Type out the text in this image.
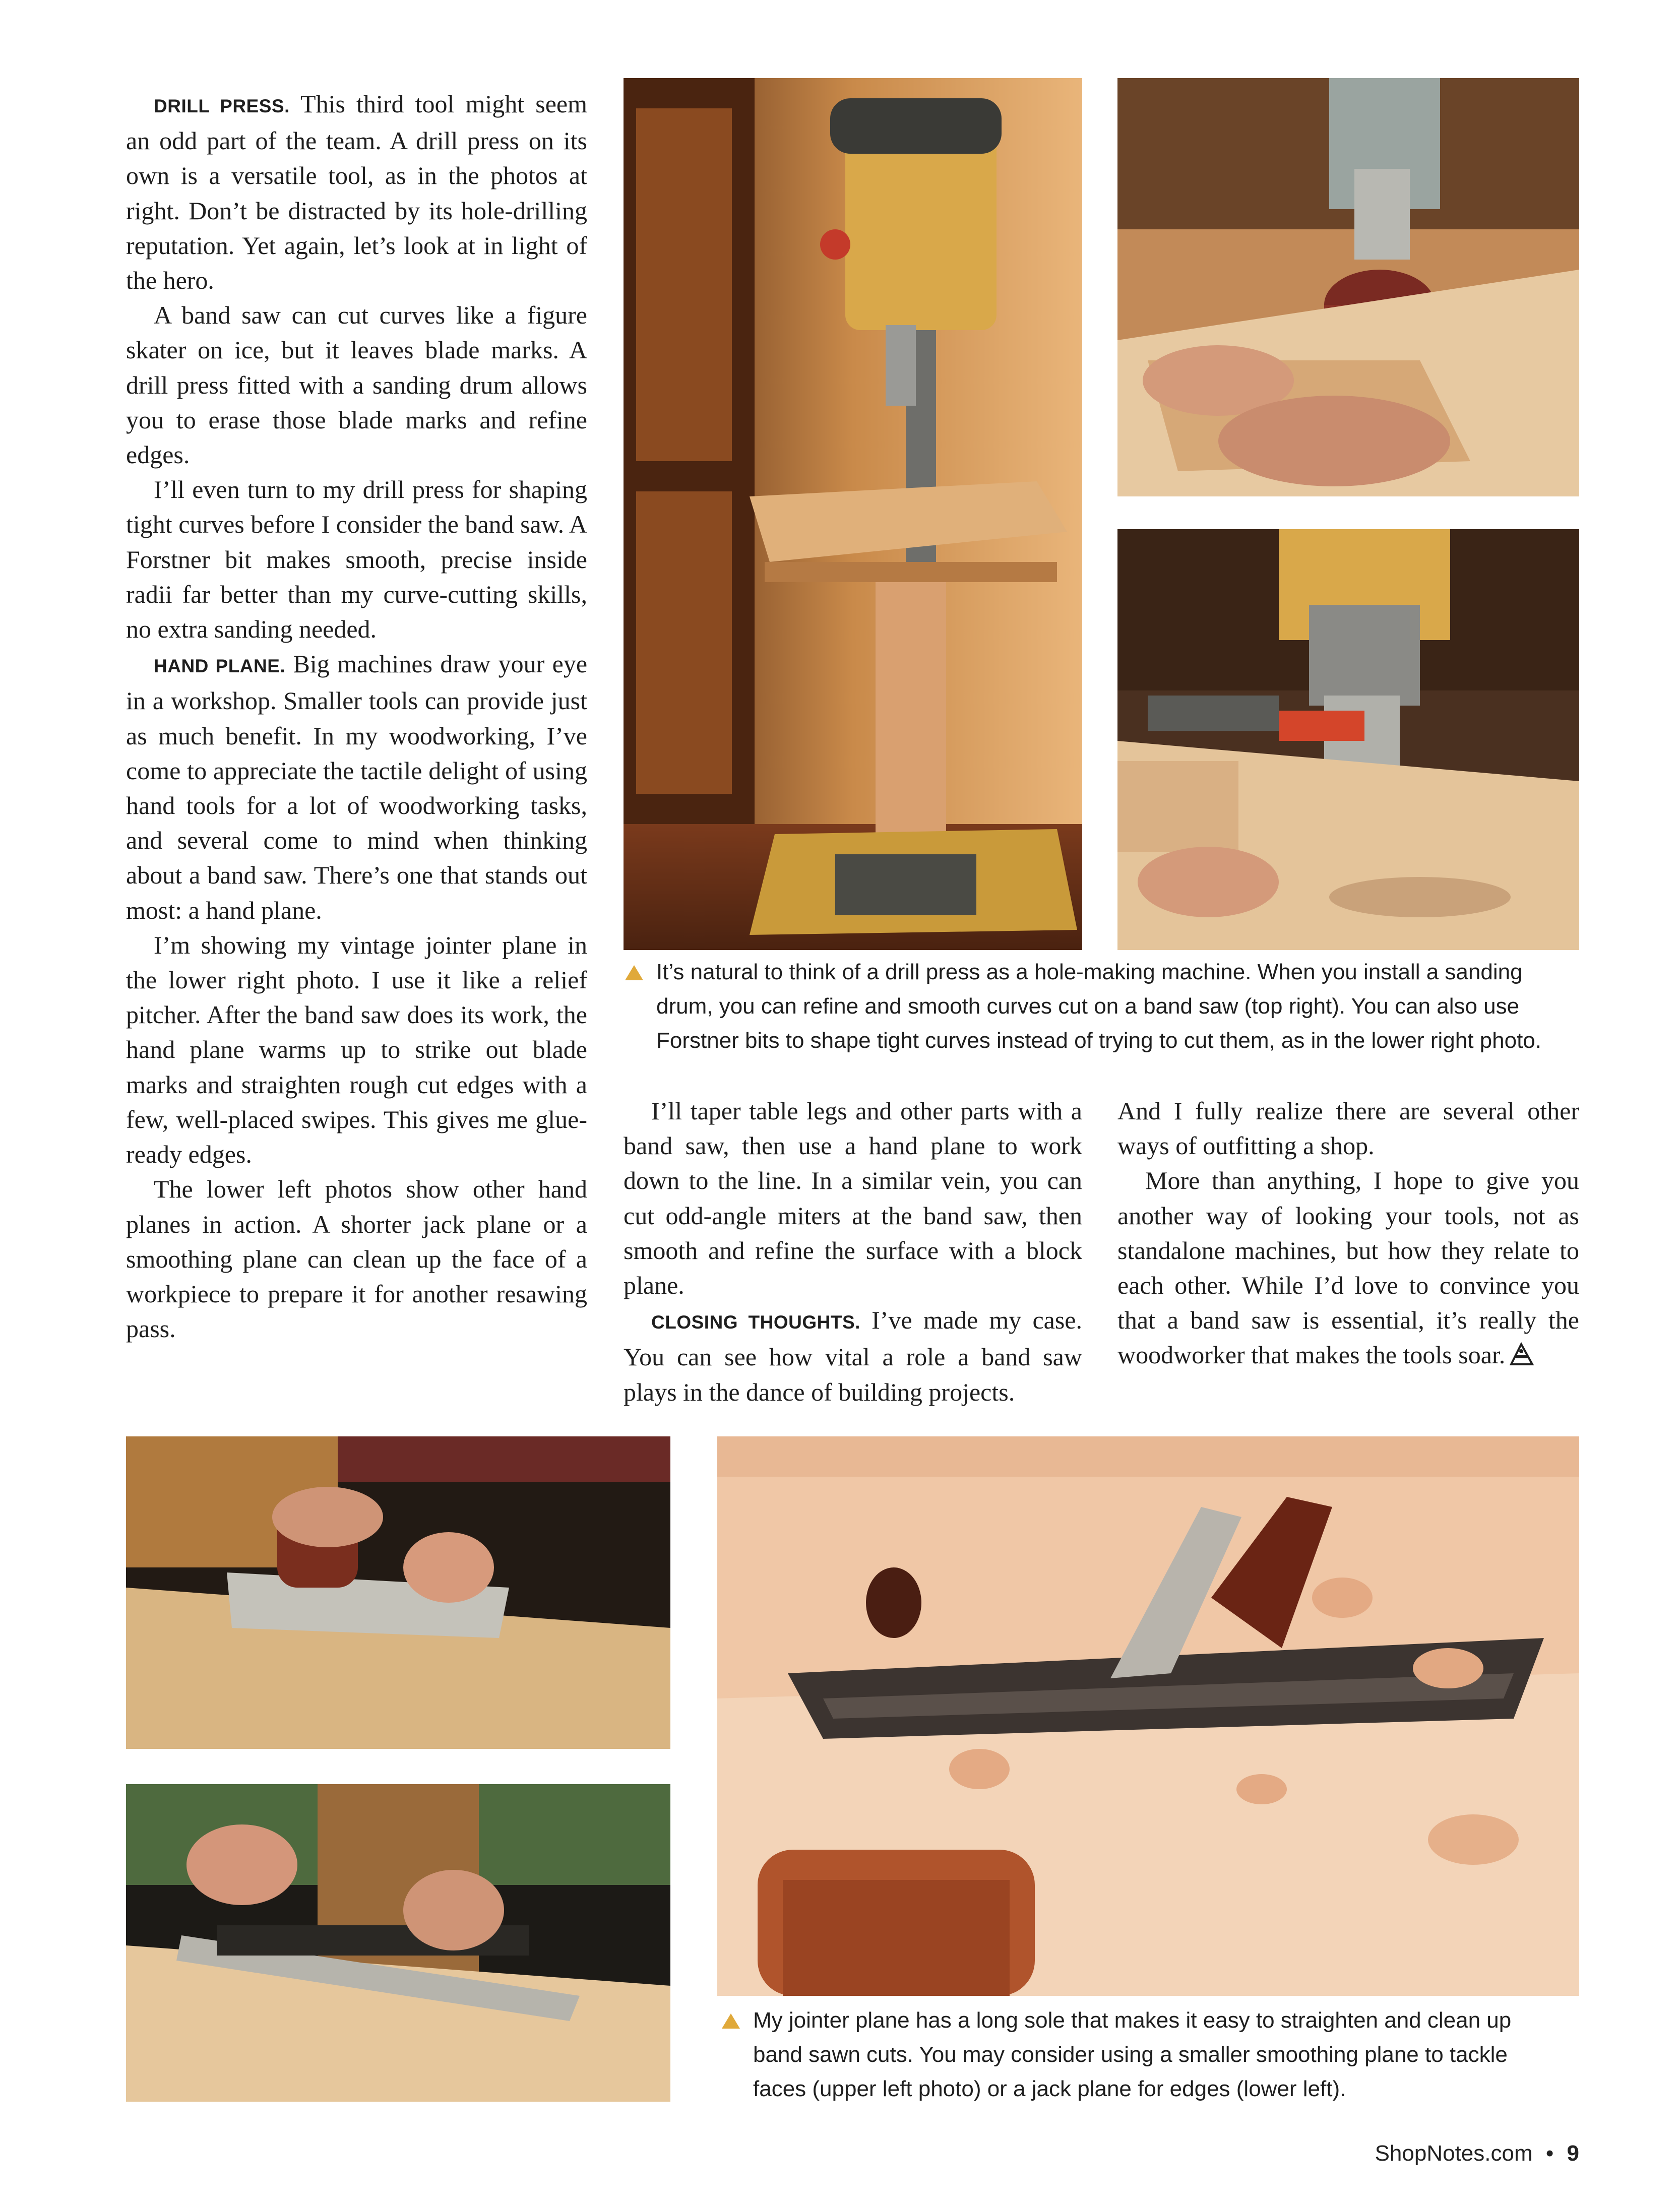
DRILL PRESS. This third tool might seem an odd part of the team. A drill press on its own is a versatile tool, as in the photos at right. Don’t be distracted by its hole-drilling reputation. Yet again, let’s look at in light of the hero.

A band saw can cut curves like a figure skater on ice, but it leaves blade marks. A drill press fitted with a sanding drum allows you to erase those blade marks and refine edges.

I’ll even turn to my drill press for shaping tight curves before I consider the band saw. A Forstner bit makes smooth, precise inside radii far better than my curve-cutting skills, no extra sanding needed.

HAND PLANE. Big machines draw your eye in a workshop. Smaller tools can provide just as much benefit. In my woodworking, I’ve come to appreciate the tactile delight of using hand tools for a lot of woodworking tasks, and several come to mind when thinking about a band saw. There’s one that stands out most: a hand plane.

I’m showing my vintage jointer plane in the lower right photo. I use it like a relief pitcher. After the band saw does its work, the hand plane warms up to strike out blade marks and straighten rough cut edges with a few, well-placed swipes. This gives me glue-ready edges.

The lower left photos show other hand planes in action. A shorter jack plane or a smoothing plane can clean up the face of a workpiece to prepare it for another resawing pass.

It’s natural to think of a drill press as a hole-making machine. When you install a sanding
drum, you can refine and smooth curves cut on a band saw (top right). You can also use
Forstner bits to shape tight curves instead of trying to cut them, as in the lower right photo.

I’ll taper table legs and other parts with a band saw, then use a hand plane to work down to the line. In a similar vein, you can cut odd-angle miters at the band saw, then smooth and refine the surface with a block plane.

CLOSING THOUGHTS. I’ve made my case. You can see how vital a role a band saw plays in the dance of building projects.

And I fully realize there are several other ways of outfitting a shop.

More than anything, I hope to give you another way of looking your tools, not as standalone machines, but how they relate to each other. While I’d love to convince you that a band saw is essential, it’s really the woodworker that makes the tools soar.

My jointer plane has a long sole that makes it easy to straighten and clean up
band sawn cuts. You may consider using a smaller smoothing plane to tackle
faces (upper left photo) or a jack plane for edges (lower left).
ShopNotes.com • 9
